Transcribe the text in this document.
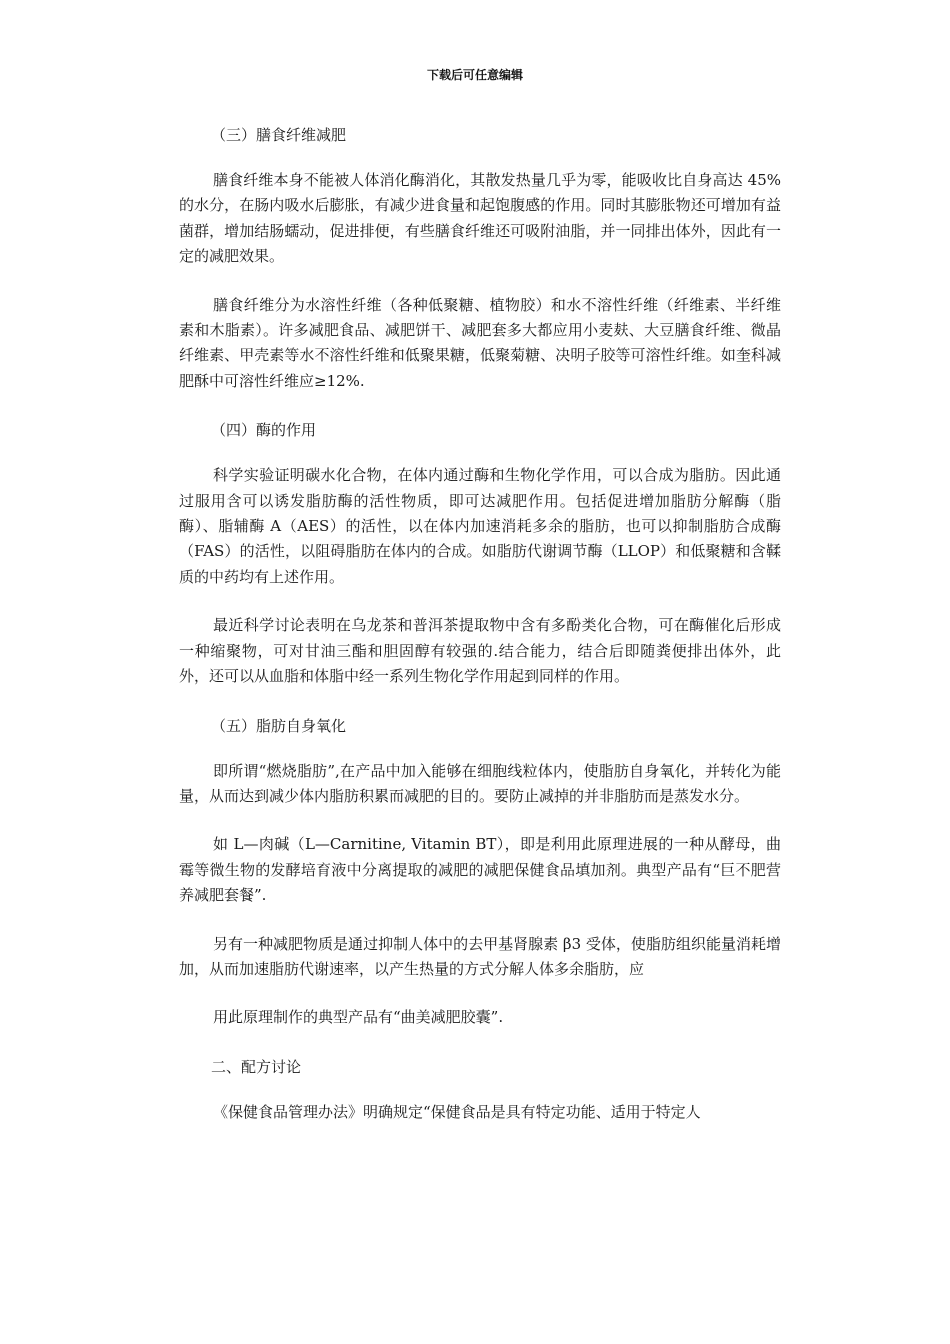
下载后可任意编辑
（三）膳食纤维减肥

膳食纤维本身不能被人体消化酶消化，其散发热量几乎为零，能吸收比自身高达 45%的水分，在肠内吸水后膨胀，有减少进食量和起饱腹感的作用。同时其膨胀物还可增加有益菌群，增加结肠蠕动，促进排便，有些膳食纤维还可吸附油脂，并一同排出体外，因此有一定的减肥效果。

膳食纤维分为水溶性纤维（各种低聚糖、植物胶）和水不溶性纤维（纤维素、半纤维素和木脂素）。许多减肥食品、减肥饼干、减肥套多大都应用小麦麸、大豆膳食纤维、微晶纤维素、甲壳素等水不溶性纤维和低聚果糖，低聚菊糖、决明子胶等可溶性纤维。如奎科减肥酥中可溶性纤维应≥12%.

（四）酶的作用

科学实验证明碳水化合物，在体内通过酶和生物化学作用，可以合成为脂肪。因此通过服用含可以诱发脂肪酶的活性物质，即可达减肥作用。包括促进增加脂肪分解酶（脂酶）、脂辅酶 A（AES）的活性，以在体内加速消耗多余的脂肪，也可以抑制脂肪合成酶（FAS）的活性，以阻碍脂肪在体内的合成。如脂肪代谢调节酶（LLOP）和低聚糖和含鞣质的中药均有上述作用。

最近科学讨论表明在乌龙茶和普洱茶提取物中含有多酚类化合物，可在酶催化后形成一种缩聚物，可对甘油三酯和胆固醇有较强的.结合能力，结合后即随粪便排出体外，此外，还可以从血脂和体脂中经一系列生物化学作用起到同样的作用。

（五）脂肪自身氧化

即所谓“燃烧脂肪”,在产品中加入能够在细胞线粒体内，使脂肪自身氧化，并转化为能量，从而达到减少体内脂肪积累而减肥的目的。要防止减掉的并非脂肪而是蒸发水分。

如 L—肉碱（L—Carnitine, Vitamin BT），即是利用此原理进展的一种从酵母，曲霉等微生物的发酵培育液中分离提取的减肥的减肥保健食品填加剂。典型产品有“巨不肥营养减肥套餐”.

另有一种减肥物质是通过抑制人体中的去甲基肾腺素 β3 受体，使脂肪组织能量消耗增加，从而加速脂肪代谢速率，以产生热量的方式分解人体多余脂肪，应

用此原理制作的典型产品有“曲美减肥胶囊”.

二、配方讨论

《保健食品管理办法》明确规定“保健食品是具有特定功能、适用于特定人
